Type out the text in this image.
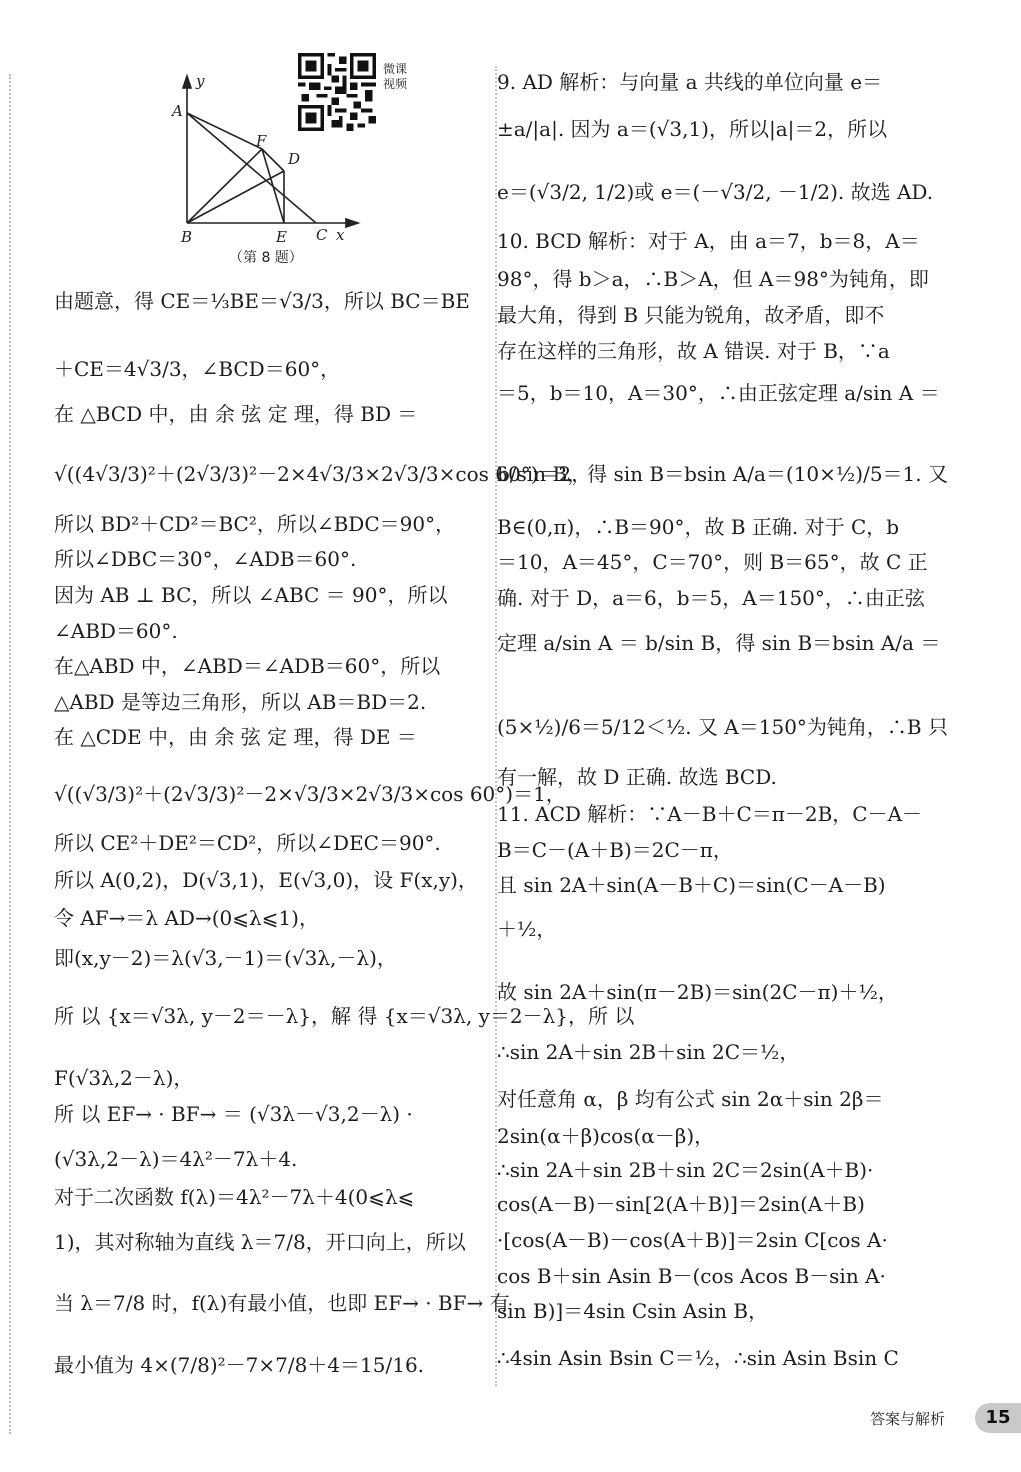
y
A
F
D
B	E C x
微课
视频
（第 8 题）
由题意，得 CE＝⅓BE＝√3/3，所以 BC＝BE
＋CE＝4√3/3，∠BCD＝60°，
在 △BCD 中，由 余 弦 定 理，得 BD ＝
√((4√3/3)²＋(2√3/3)²－2×4√3/3×2√3/3×cos 60°)＝2，
所以 BD²＋CD²＝BC²，所以∠BDC＝90°，
所以∠DBC＝30°，∠ADB＝60°.
因为 AB ⊥ BC，所以 ∠ABC ＝ 90°，所以
∠ABD＝60°.
在△ABD 中，∠ABD＝∠ADB＝60°，所以
△ABD 是等边三角形，所以 AB＝BD＝2.
在 △CDE 中，由 余 弦 定 理，得 DE ＝
√((√3/3)²＋(2√3/3)²－2×√3/3×2√3/3×cos 60°)＝1，
所以 CE²＋DE²＝CD²，所以∠DEC＝90°.
所以 A(0,2)，D(√3,1)，E(√3,0)，设 F(x,y)，
令 AF→＝λ AD→(0⩽λ⩽1)，
即(x,y－2)＝λ(√3,－1)＝(√3λ,－λ)，
所 以 {x＝√3λ, y－2＝－λ}，解 得 {x＝√3λ, y＝2－λ}，所 以
F(√3λ,2－λ)，
所 以 EF→ · BF→ ＝ (√3λ－√3,2－λ) ·
(√3λ,2－λ)＝4λ²－7λ＋4.
对于二次函数 f(λ)＝4λ²－7λ＋4(0⩽λ⩽
1)，其对称轴为直线 λ＝7/8，开口向上，所以
当 λ＝7/8 时，f(λ)有最小值，也即 EF→ · BF→ 有
最小值为 4×(7/8)²－7×7/8＋4＝15/16.
9. AD 解析：与向量 a 共线的单位向量 e＝
±a/|a|. 因为 a＝(√3,1)，所以|a|＝2，所以
e＝(√3/2, 1/2)或 e＝(－√3/2, －1/2). 故选 AD.
10. BCD 解析：对于 A，由 a＝7，b＝8，A＝
98°，得 b＞a，∴B＞A，但 A＝98°为钝角，即
最大角，得到 B 只能为锐角，故矛盾，即不
存在这样的三角形，故 A 错误. 对于 B，∵a
＝5，b＝10，A＝30°，∴由正弦定理 a/sin A ＝
b/sin B，得 sin B＝bsin A/a＝(10×½)/5＝1. 又
B∈(0,π)，∴B＝90°，故 B 正确. 对于 C，b
＝10，A＝45°，C＝70°，则 B＝65°，故 C 正
确. 对于 D，a＝6，b＝5，A＝150°，∴由正弦
定理 a/sin A ＝ b/sin B，得 sin B＝bsin A/a ＝
(5×½)/6＝5/12＜½. 又 A＝150°为钝角，∴B 只
有一解，故 D 正确. 故选 BCD.
11. ACD 解析：∵A－B＋C＝π－2B，C－A－
B＝C－(A＋B)＝2C－π，
且 sin 2A＋sin(A－B＋C)＝sin(C－A－B)
＋½，
故 sin 2A＋sin(π－2B)＝sin(2C－π)＋½，
∴sin 2A＋sin 2B＋sin 2C＝½，
对任意角 α，β 均有公式 sin 2α＋sin 2β＝
2sin(α＋β)cos(α－β)，
∴sin 2A＋sin 2B＋sin 2C＝2sin(A＋B)·
cos(A－B)－sin[2(A＋B)]＝2sin(A＋B)
·[cos(A－B)－cos(A＋B)]＝2sin C[cos A·
cos B＋sin Asin B－(cos Acos B－sin A·
sin B)]＝4sin Csin Asin B，
∴4sin Asin Bsin C＝½，∴sin Asin Bsin C
答案与解析	15
